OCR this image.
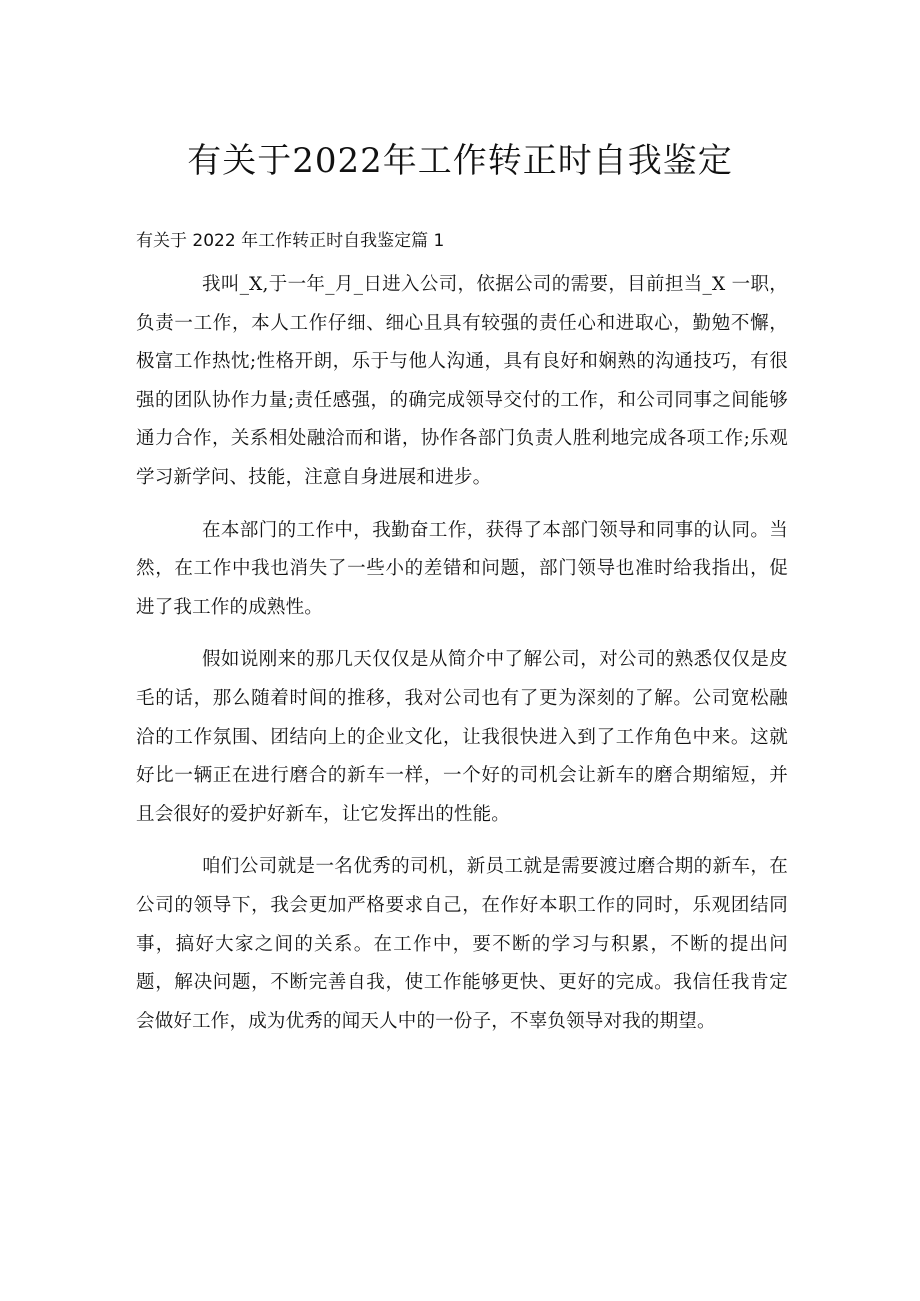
有关于2022年工作转正时自我鉴定
有关于 2022 年工作转正时自我鉴定篇 1

我叫_X,于一年_月_日进入公司，依据公司的需要，目前担当_X 一职，负责一工作，本人工作仔细、细心且具有较强的责任心和进取心，勤勉不懈，极富工作热忱;性格开朗，乐于与他人沟通，具有良好和娴熟的沟通技巧，有很强的团队协作力量;责任感强，的确完成领导交付的工作，和公司同事之间能够通力合作，关系相处融洽而和谐，协作各部门负责人胜利地完成各项工作;乐观学习新学问、技能，注意自身进展和进步。

在本部门的工作中，我勤奋工作，获得了本部门领导和同事的认同。当然，在工作中我也消失了一些小的差错和问题，部门领导也准时给我指出，促进了我工作的成熟性。

假如说刚来的那几天仅仅是从简介中了解公司，对公司的熟悉仅仅是皮毛的话，那么随着时间的推移，我对公司也有了更为深刻的了解。公司宽松融洽的工作氛围、团结向上的企业文化，让我很快进入到了工作角色中来。这就好比一辆正在进行磨合的新车一样，一个好的司机会让新车的磨合期缩短，并且会很好的爱护好新车，让它发挥出的性能。

咱们公司就是一名优秀的司机，新员工就是需要渡过磨合期的新车，在公司的领导下，我会更加严格要求自己，在作好本职工作的同时，乐观团结同事，搞好大家之间的关系。在工作中，要不断的学习与积累，不断的提出问题，解决问题，不断完善自我，使工作能够更快、更好的完成。我信任我肯定会做好工作，成为优秀的闻天人中的一份子，不辜负领导对我的期望。
